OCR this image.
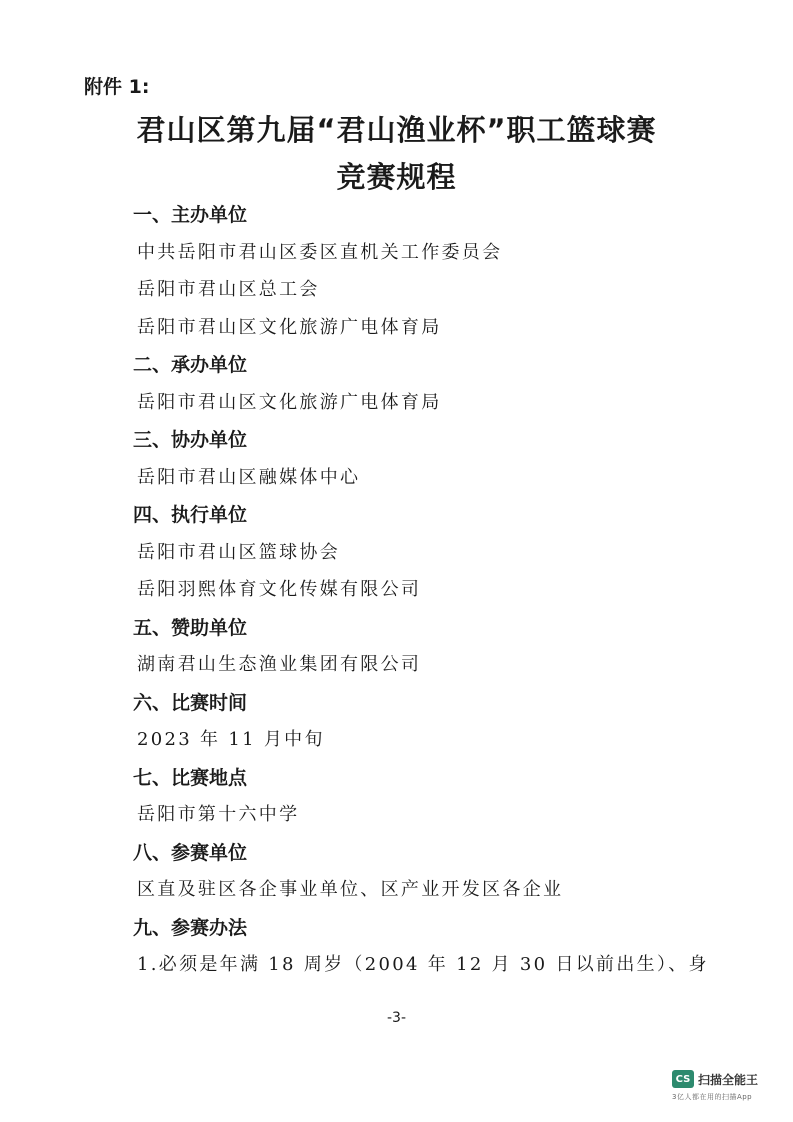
附件 1:
君山区第九届“君山渔业杯”职工篮球赛
竞赛规程
一、主办单位
中共岳阳市君山区委区直机关工作委员会
岳阳市君山区总工会
岳阳市君山区文化旅游广电体育局
二、承办单位
岳阳市君山区文化旅游广电体育局
三、协办单位
岳阳市君山区融媒体中心
四、执行单位
岳阳市君山区篮球协会
岳阳羽熙体育文化传媒有限公司
五、赞助单位
湖南君山生态渔业集团有限公司
六、比赛时间
2023 年 11 月中旬
七、比赛地点
岳阳市第十六中学
八、参赛单位
区直及驻区各企事业单位、区产业开发区各企业
九、参赛办法
1.必须是年满 18 周岁（2004 年 12 月 30 日以前出生）、身
-3-
CS 扫描全能王
3亿人都在用的扫描App
